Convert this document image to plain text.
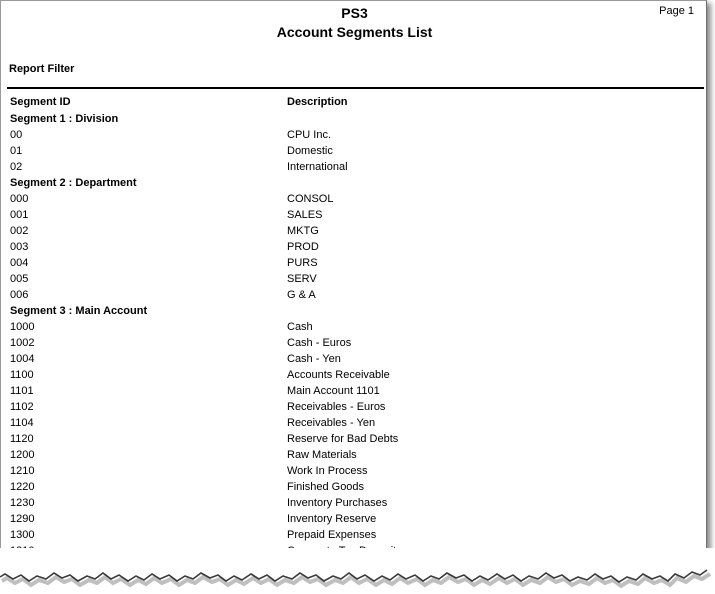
PS3
Account Segments List
Page 1
Report Filter
Segment ID	Description
Segment 1 : Division
00	CPU Inc.
01	Domestic
02	International
Segment 2 : Department
000	CONSOL
001	SALES
002	MKTG
003	PROD
004	PURS
005	SERV
006	G & A
Segment 3 : Main Account
1000	Cash
1002	Cash - Euros
1004	Cash - Yen
1100	Accounts Receivable
1101	Main Account 1101
1102	Receivables - Euros
1104	Receivables - Yen
1120	Reserve for Bad Debts
1200	Raw Materials
1210	Work In Process
1220	Finished Goods
1230	Inventory Purchases
1290	Inventory Reserve
1300	Prepaid Expenses
